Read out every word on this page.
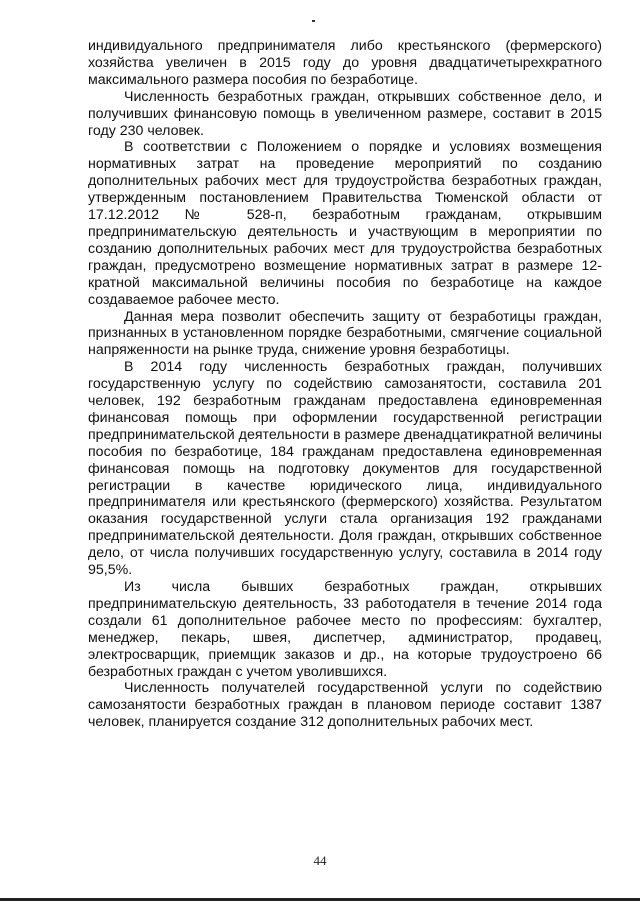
индивидуального предпринимателя либо крестьянского (фермерского) хозяйства увеличен в 2015 году до уровня двадцатичетырехкратного максимального размера пособия по безработице.

Численность безработных граждан, открывших собственное дело, и получивших финансовую помощь в увеличенном размере, составит в 2015 году 230 человек.

В соответствии с Положением о порядке и условиях возмещения нормативных затрат на проведение мероприятий по созданию дополнительных рабочих мест для трудоустройства безработных граждан, утвержденным постановлением Правительства Тюменской области от 17.12.2012 № 528-п, безработным гражданам, открывшим предпринимательскую деятельность и участвующим в мероприятии по созданию дополнительных рабочих мест для трудоустройства безработных граждан, предусмотрено возмещение нормативных затрат в размере 12-кратной максимальной величины пособия по безработице на каждое создаваемое рабочее место.

Данная мера позволит обеспечить защиту от безработицы граждан, признанных в установленном порядке безработными, смягчение социальной напряженности на рынке труда, снижение уровня безработицы.

В 2014 году численность безработных граждан, получивших государственную услугу по содействию самозанятости, составила 201 человек, 192 безработным гражданам предоставлена единовременная финансовая помощь при оформлении государственной регистрации предпринимательской деятельности в размере двенадцатикратной величины пособия по безработице, 184 гражданам предоставлена единовременная финансовая помощь на подготовку документов для государственной регистрации в качестве юридического лица, индивидуального предпринимателя или крестьянского (фермерского) хозяйства. Результатом оказания государственной услуги стала организация 192 гражданами предпринимательской деятельности. Доля граждан, открывших собственное дело, от числа получивших государственную услугу, составила в 2014 году 95,5%.

Из числа бывших безработных граждан, открывших предпринимательскую деятельность, 33 работодателя в течение 2014 года создали 61 дополнительное рабочее место по профессиям: бухгалтер, менеджер, пекарь, швея, диспетчер, администратор, продавец, электросварщик, приемщик заказов и др., на которые трудоустроено 66 безработных граждан с учетом уволившихся.

Численность получателей государственной услуги по содействию самозанятости безработных граждан в плановом периоде составит 1387 человек, планируется создание 312 дополнительных рабочих мест.

44
